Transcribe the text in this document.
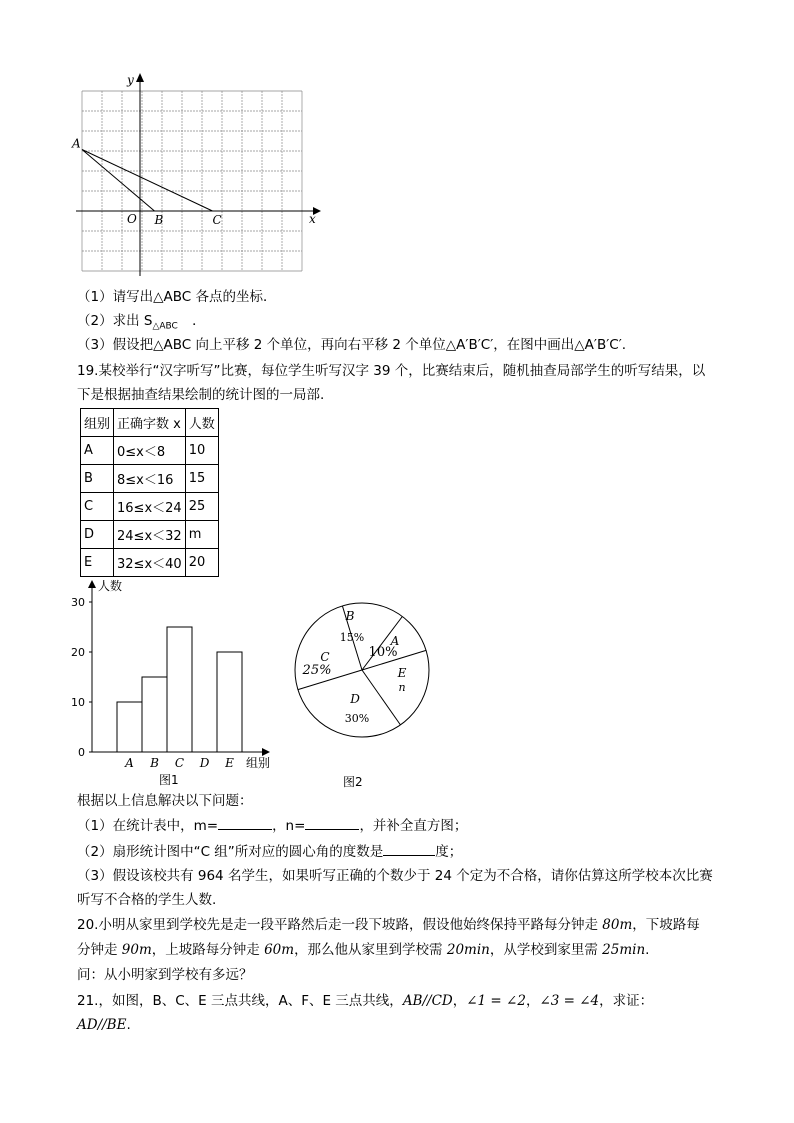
x
y
O
A
B	C
（1）请写出△ABC 各点的坐标．
（2）求出 $S_{\triangle ABC}$ ．
（3）假设把△ABC 向上平移 2 个单位，再向右平移 2 个单位△A′B′C′，在图中画出△A′B′C′.
19.某校举行“汉字听写”比赛，每位学生听写汉字 39 个，比赛结束后，随机抽查局部学生的听写结果，以
下是根据抽查结果绘制的统计图的一局部.
组别	正确字数 x	人数
A	0≤x＜8	10
B	8≤x＜16	15
C	16≤x＜24	25
D	24≤x＜32	m
E	32≤x＜40	20
人数
组别
图1
0
10
20
30
A B C D E
B
15% A
10%
E
n
D
30%
C
25%
图2
根据以上信息解决以下问题：
（1）在统计表中，m=	，n=	，并补全直方图；
（2）扇形统计图中“C 组”所对应的圆心角的度数是	度；
（3）假设该校共有 964 名学生，如果听写正确的个数少于 24 个定为不合格，请你估算这所学校本次比赛
听写不合格的学生人数.
20.小明从家里到学校先是走一段平路然后走一段下坡路，假设他始终保持平路每分钟走 80m，下坡路每
分钟走 90m，上坡路每分钟走 60m，那么他从家里到学校需 20min，从学校到家里需 25min.
问：从小明家到学校有多远？
21.，如图，B、C、E 三点共线，A、F、E 三点共线，AB//CD，∠1 = ∠2，∠3 = ∠4，求证：
AD//BE.
